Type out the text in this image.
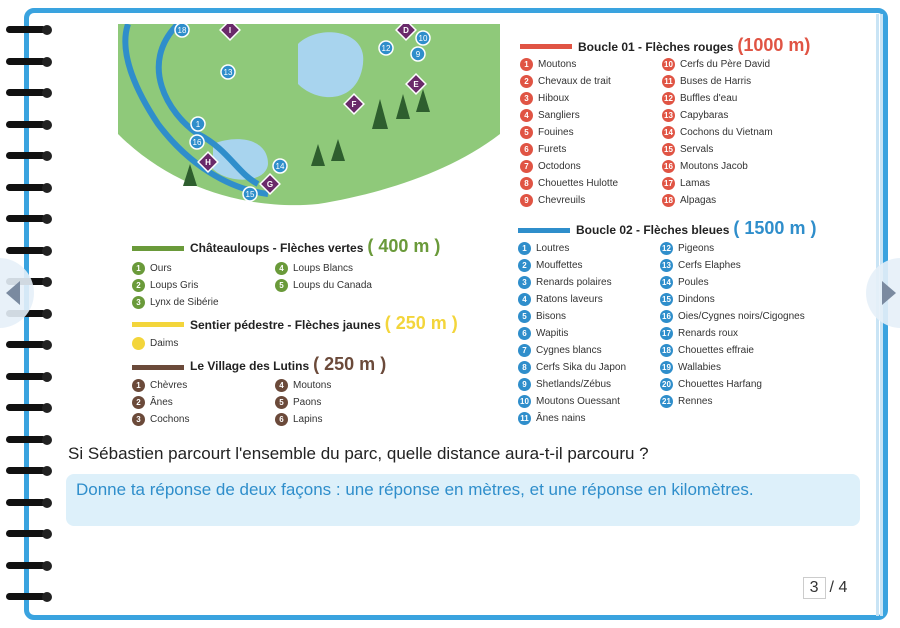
18
13
12
10
9
16
15
14
1
I	D
E
F
G
H
Boucle 01 - Flèches rouges (1000 m)
1 Moutons
2 Chevaux de trait
3 Hiboux
4 Sangliers
5 Fouines
6 Furets
7 Octodons
8 Chouettes Hulotte
9 Chevreuils
10 Cerfs du Père David
11 Buses de Harris
12 Buffles d'eau
13 Capybaras
14 Cochons du Vietnam
15 Servals
16 Moutons Jacob
17 Lamas
18 Alpagas
Boucle 02 - Flèches bleues ( 1500 m )
1 Loutres
2 Mouffettes
3 Renards polaires
4 Ratons laveurs
5 Bisons
6 Wapitis
7 Cygnes blancs
8 Cerfs Sika du Japon
9 Shetlands/Zébus
10 Moutons Ouessant
11 Ânes nains
12 Pigeons
13 Cerfs Elaphes
14 Poules
15 Dindons
16 Oies/Cygnes noirs/Cigognes
17 Renards roux
18 Chouettes effraie
19 Wallabies
20 Chouettes Harfang
21 Rennes
Châteauloups - Flèches vertes ( 400 m )
1 Ours
2 Loups Gris
3 Lynx de Sibérie
4 Loups Blancs
5 Loups du Canada
Sentier pédestre - Flèches jaunes ( 250 m )
Daims
Le Village des Lutins ( 250 m )
1 Chèvres
2 Ânes
3 Cochons
4 Moutons
5 Paons
6 Lapins
Si Sébastien parcourt l'ensemble du parc, quelle distance aura-t-il parcouru ?
Donne ta réponse de deux façons : une réponse en mètres, et une réponse en kilomètres.
3 / 4
